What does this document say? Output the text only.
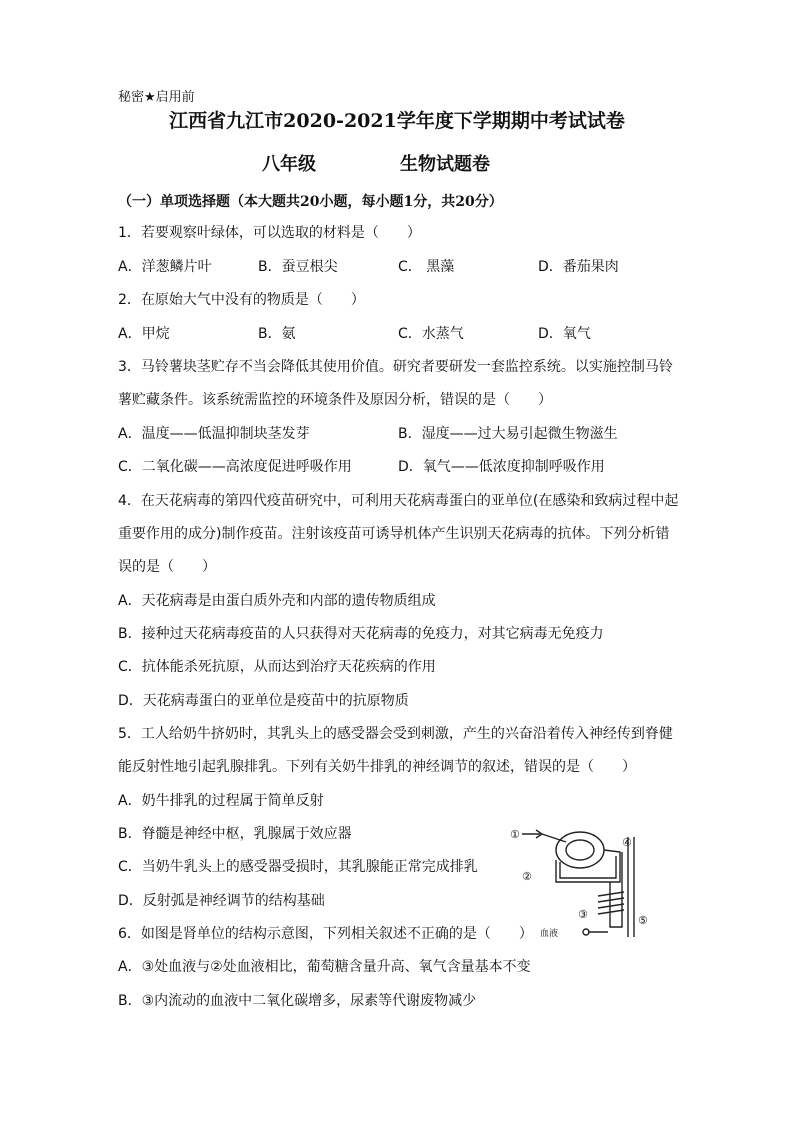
秘密★启用前
江西省九江市2020-2021学年度下学期期中考试试卷
八年级	生物试题卷
（一）单项选择题（本大题共20小题，每小题1分，共20分）
1．若要观察叶绿体，可以选取的材料是（　　）
A．洋葱鳞片叶	B．蚕豆根尖	C． 黑藻	D．番茄果肉
2．在原始大气中没有的物质是（　　）
A．甲烷	B．氨	C．水蒸气	D．氧气
3．马铃薯块茎贮存不当会降低其使用价值。研究者要研发一套监控系统。以实施控制马铃
薯贮藏条件。该系统需监控的环境条件及原因分析，错误的是（　　）
A．温度——低温抑制块茎发芽	B．湿度——过大易引起微生物滋生
C．二氧化碳——高浓度促进呼吸作用	D．氧气——低浓度抑制呼吸作用
4．在天花病毒的第四代疫苗研究中，可利用天花病毒蛋白的亚单位(在感染和致病过程中起
重要作用的成分)制作疫苗。注射该疫苗可诱导机体产生识别天花病毒的抗体。下列分析错
误的是（　　）
A．天花病毒是由蛋白质外壳和内部的遗传物质组成
B．接种过天花病毒疫苗的人只获得对天花病毒的免疫力，对其它病毒无免疫力
C．抗体能杀死抗原，从而达到治疗天花疾病的作用
D．天花病毒蛋白的亚单位是疫苗中的抗原物质
5．工人给奶牛挤奶时，其乳头上的感受器会受到刺激，产生的兴奋沿着传入神经传到脊健
能反射性地引起乳腺排乳。下列有关奶牛排乳的神经调节的叙述，错误的是（　　）
A．奶牛排乳的过程属于简单反射
B．脊髓是神经中枢，乳腺属于效应器
C．当奶牛乳头上的感受器受损时，其乳腺能正常完成排乳
D．反射弧是神经调节的结构基础
6．如图是肾单位的结构示意图，下列相关叙述不正确的是（　　）
A．③处血液与②处血液相比，葡萄糖含量升高、氧气含量基本不变
B．③内流动的血液中二氧化碳增多，尿素等代谢废物减少
①
②
③
④
⑤
血液
